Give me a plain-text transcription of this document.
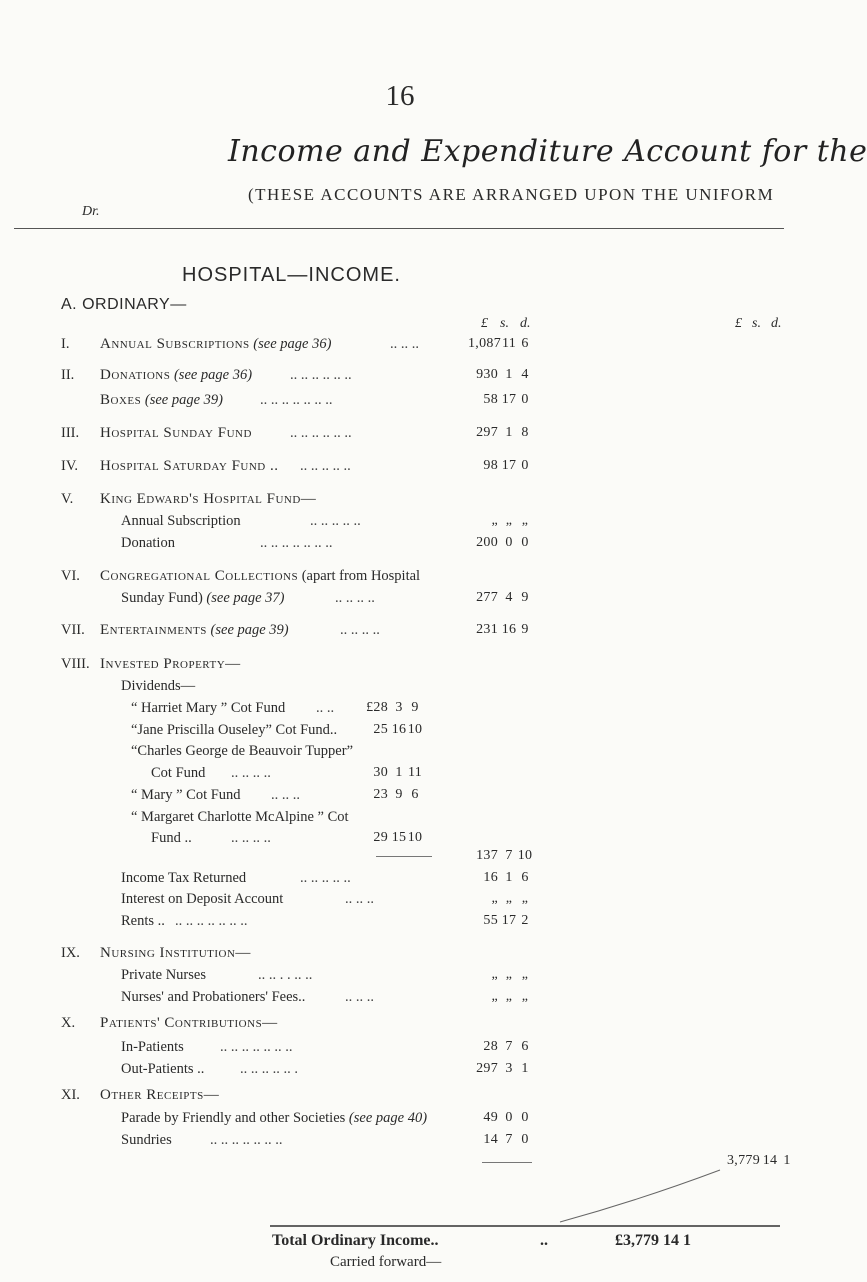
16
Income and Expenditure Account for the
(THESE ACCOUNTS ARE ARRANGED UPON THE UNIFORM
Dr.
HOSPITAL—INCOME.
A. ORDINARY—
£ s. d.	£ s. d.
I. Annual Subscriptions (see page 36)	.. .. ..	1,087 11 6
II. Donations (see page 36)	.. .. .. .. .. ..	930 1 4
Boxes (see page 39)	.. .. .. .. .. .. ..	58 17 0
III. Hospital Sunday Fund	.. .. .. .. .. ..	297 1 8
IV. Hospital Saturday Fund .. .. .. .. .. ..	98 17 0
V. King Edward's Hospital Fund—
Annual Subscription	.. .. .. .. ..	„ „ „
Donation	.. .. .. .. .. .. ..	200 0 0
VI. Congregational Collections (apart from Hospital
Sunday Fund) (see page 37)	.. .. .. ..	277 4 9
VII. Entertainments (see page 39)	.. .. .. ..	231 16 9
VIII. Invested Property—
Dividends—
“ Harriet Mary ” Cot Fund .. ..	£28 3 9
“Jane Priscilla Ouseley” Cot Fund..	25 16 10
“Charles George de Beauvoir Tupper”
Cot Fund .. .. .. ..	30 1 11
“ Mary ” Cot Fund .. .. ..	23 9 6
“ Margaret Charlotte McAlpine ” Cot
Fund ..	.. .. .. ..	29 15 10
137 7 10
Income Tax Returned	.. .. .. .. ..	16 1 6
Interest on Deposit Account	.. .. ..	„ „ „
Rents .. .. .. .. .. .. .. ..	55 17 2
IX. Nursing Institution—
Private Nurses	.. .. . . .. ..	„ „ „
Nurses' and Probationers' Fees..	.. .. ..	„ „ „
X. Patients' Contributions—
In-Patients .. .. .. .. .. .. ..	28 7 6
Out-Patients .. .. .. .. .. .. .	297 3 1
XI. Other Receipts—
Parade by Friendly and other Societies (see page 40)	49 0 0
Sundries	.. .. .. .. .. .. ..	14 7 0
3,779 14 1
Total Ordinary Income..	..	£3,779 14 1
Carried forward—
